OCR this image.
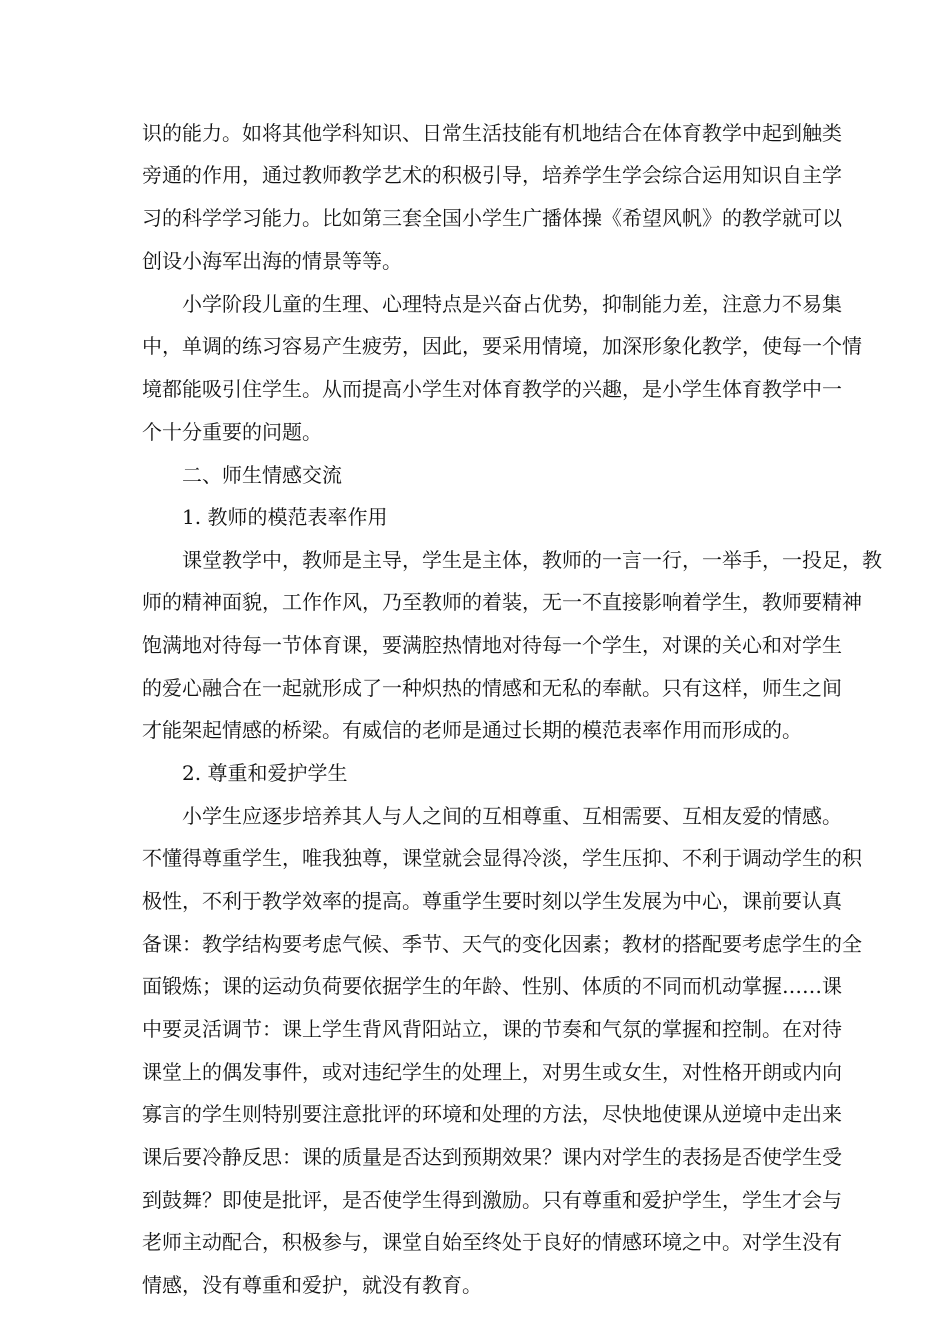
识的能力。如将其他学科知识、日常生活技能有机地结合在体育教学中起到触类
旁通的作用，通过教师教学艺术的积极引导，培养学生学会综合运用知识自主学
习的科学学习能力。比如第三套全国小学生广播体操《希望风帆》的教学就可以
创设小海军出海的情景等等。
小学阶段儿童的生理、心理特点是兴奋占优势，抑制能力差，注意力不易集
中，单调的练习容易产生疲劳，因此，要采用情境，加深形象化教学，使每一个情
境都能吸引住学生。从而提高小学生对体育教学的兴趣，是小学生体育教学中一
个十分重要的问题。
二、师生情感交流
1. 教师的模范表率作用
课堂教学中，教师是主导，学生是主体，教师的一言一行，一举手，一投足，教
师的精神面貌，工作作风，乃至教师的着装，无一不直接影响着学生，教师要精神
饱满地对待每一节体育课，要满腔热情地对待每一个学生，对课的关心和对学生
的爱心融合在一起就形成了一种炽热的情感和无私的奉献。只有这样，师生之间
才能架起情感的桥梁。有威信的老师是通过长期的模范表率作用而形成的。
2. 尊重和爱护学生
小学生应逐步培养其人与人之间的互相尊重、互相需要、互相友爱的情感。
不懂得尊重学生，唯我独尊，课堂就会显得冷淡，学生压抑、不利于调动学生的积
极性，不利于教学效率的提高。尊重学生要时刻以学生发展为中心，课前要认真
备课：教学结构要考虑气候、季节、天气的变化因素；教材的搭配要考虑学生的全
面锻炼；课的运动负荷要依据学生的年龄、性别、体质的不同而机动掌握……课
中要灵活调节：课上学生背风背阳站立，课的节奏和气氛的掌握和控制。在对待
课堂上的偶发事件，或对违纪学生的处理上，对男生或女生，对性格开朗或内向
寡言的学生则特别要注意批评的环境和处理的方法，尽快地使课从逆境中走出来
课后要冷静反思：课的质量是否达到预期效果？课内对学生的表扬是否使学生受
到鼓舞？即使是批评，是否使学生得到激励。只有尊重和爱护学生，学生才会与
老师主动配合，积极参与，课堂自始至终处于良好的情感环境之中。对学生没有
情感，没有尊重和爱护，就没有教育。
